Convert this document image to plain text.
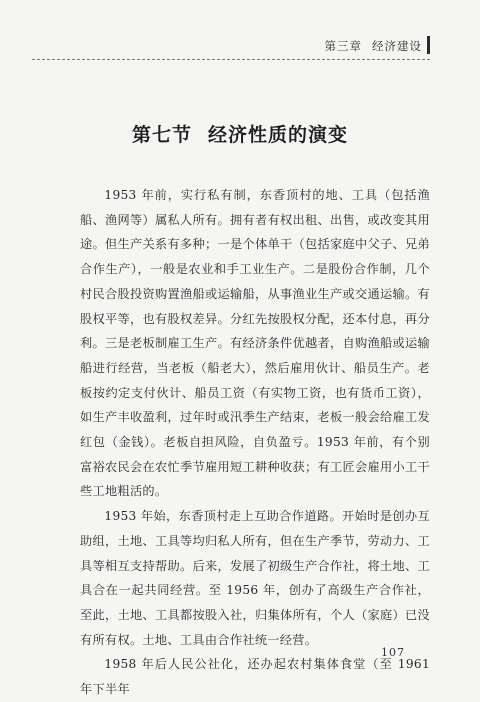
第三章 经济建设
第七节 经济性质的演变

1953 年前，实行私有制，东香顶村的地、工具（包括渔船、渔网等）属私人所有。拥有者有权出租、出售，或改变其用途。但生产关系有多种；一是个体单干（包括家庭中父子、兄弟合作生产），一般是农业和手工业生产。二是股份合作制，几个村民合股投资购置渔船或运输船，从事渔业生产或交通运输。有股权平等，也有股权差异。分红先按股权分配，还本付息，再分利。三是老板制雇工生产。有经济条件优越者，自购渔船或运输船进行经营，当老板（船老大），然后雇用伙计、船员生产。老板按约定支付伙计、船员工资（有实物工资，也有货币工资），如生产丰收盈利，过年时或汛季生产结束，老板一般会给雇工发红包（金钱）。老板自担风险，自负盈亏。1953 年前，有个别富裕农民会在农忙季节雇用短工耕种收获；有工匠会雇用小工干些工地粗活的。

1953 年始，东香顶村走上互助合作道路。开始时是创办互助组，土地、工具等均归私人所有，但在生产季节，劳动力、工具等相互支持帮助。后来，发展了初级生产合作社，将土地、工具合在一起共同经营。至 1956 年，创办了高级生产合作社，至此，土地、工具都按股入社，归集体所有，个人（家庭）已没有所有权。土地、工具由合作社统一经营。

1958 年后人民公社化，还办起农村集体食堂（至 1961 年下半年

107
